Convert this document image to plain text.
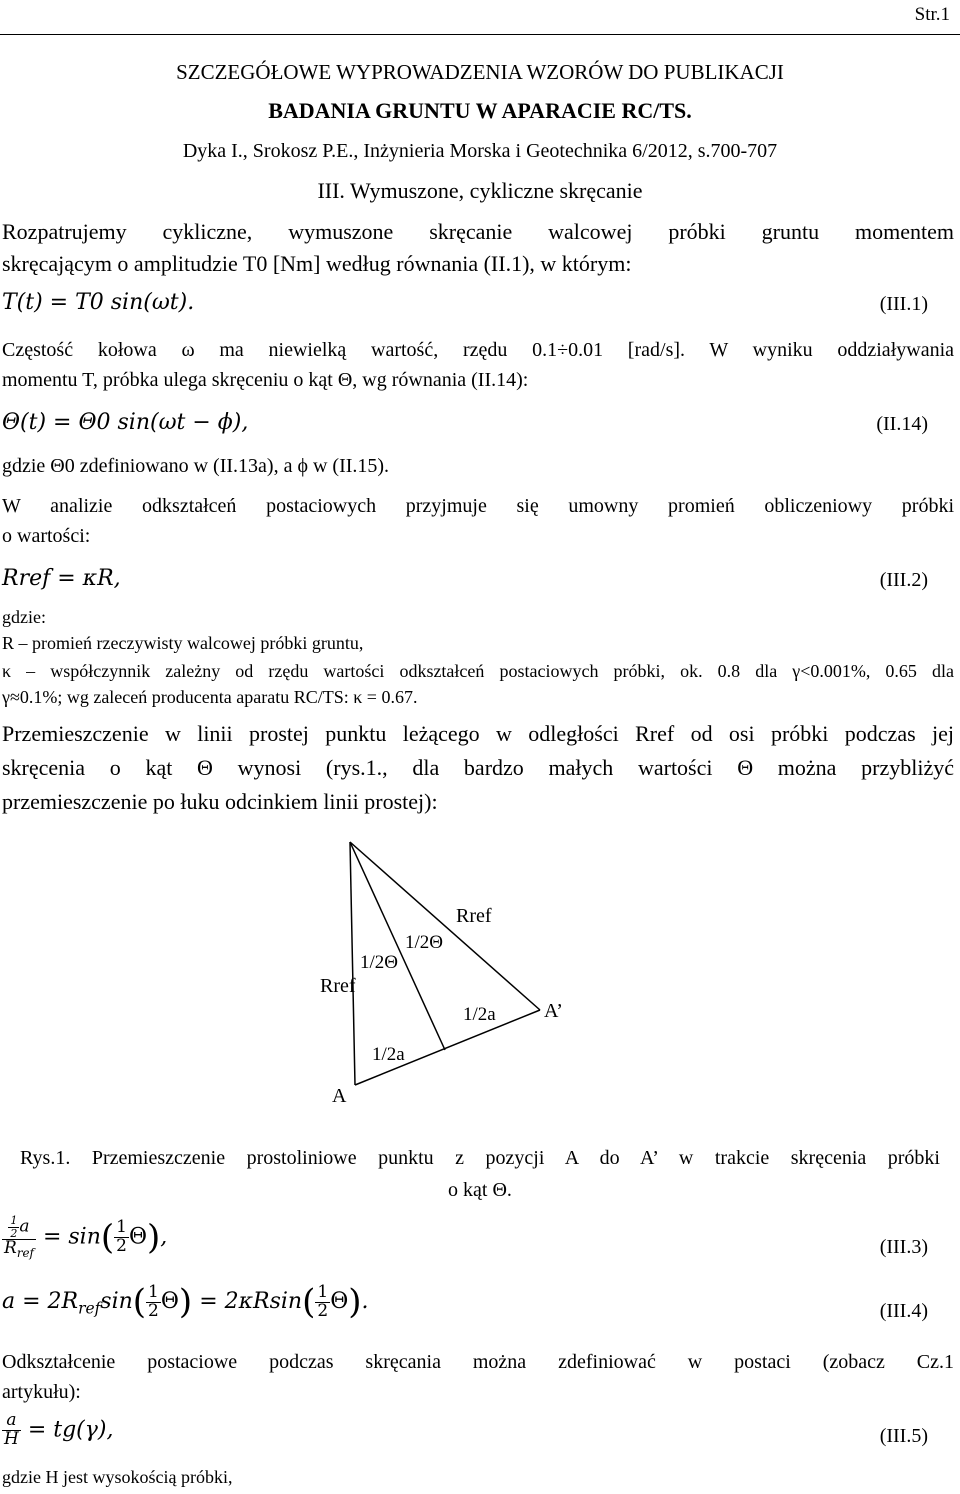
Str.1
SZCZEGÓŁOWE WYPROWADZENIA WZORÓW DO PUBLIKACJI
BADANIA GRUNTU W APARACIE RC/TS.
Dyka I., Srokosz P.E., Inżynieria Morska i Geotechnika 6/2012, s.700-707
III. Wymuszone, cykliczne skręcanie
Rozpatrujemy cykliczne, wymuszone skręcanie walcowej próbki gruntu momentem
skręcającym o amplitudzie T0 [Nm] według równania (II.1), w którym:
T(t) = T0 sin(ωt).	(III.1)
Częstość kołowa ω ma niewielką wartość, rzędu 0.1÷0.01 [rad/s]. W wyniku oddziaływania
momentu T, próbka ulega skręceniu o kąt Θ, wg równania (II.14):
Θ(t) = Θ0 sin(ωt − ϕ),	(II.14)
gdzie Θ0 zdefiniowano w (II.13a), a ϕ w (II.15).
W analizie odkształceń postaciowych przyjmuje się umowny promień obliczeniowy próbki
o wartości:
Rref = κR,	(III.2)
gdzie:
R – promień rzeczywisty walcowej próbki gruntu,
κ – współczynnik zależny od rzędu wartości odkształceń postaciowych próbki, ok. 0.8 dla γ<0.001%, 0.65 dla
γ≈0.1%; wg zaleceń producenta aparatu RC/TS: κ = 0.67.
Przemieszczenie w linii prostej punktu leżącego w odległości Rref od osi próbki podczas jej
skręcenia o kąt Θ wynosi (rys.1., dla bardzo małych wartości Θ można przybliżyć
przemieszczenie po łuku odcinkiem linii prostej):
Rref
Rref
1/2Θ
1/2Θ
1/2a
1/2a
A’
A
Rys.1. Przemieszczenie prostoliniowe punktu z pozycji A do A’ w trakcie skręcenia próbki
o kąt Θ.
$\frac{\frac{1}{2} a}{R_{ref}} = \sin( \frac{1}{2} \Theta)$,	(III.3)
$a = 2R_{ref}\sin( \frac{1}{2} \Theta) = 2\kappa Rsin( \frac{1}{2} \Theta)$.	(III.4)
Odkształcenie postaciowe podczas skręcania można zdefiniować w postaci (zobacz Cz.1
artykułu):
$\frac{a}{H} = tg(\gamma)$,	(III.5)
gdzie H jest wysokością próbki,
